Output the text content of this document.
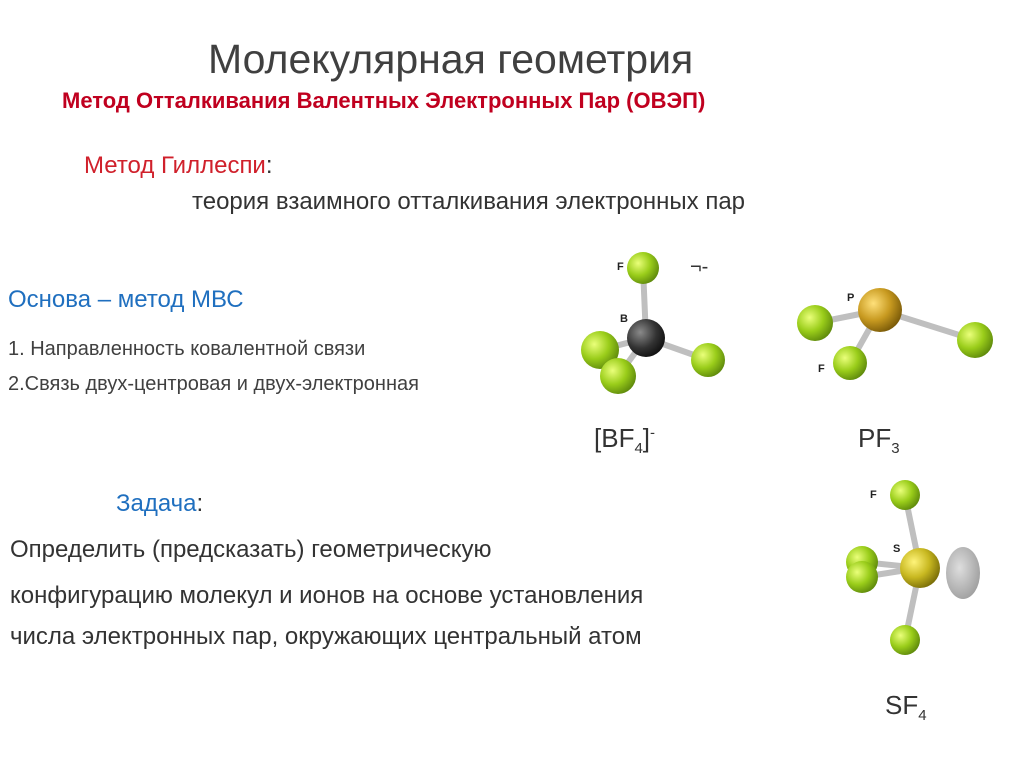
Молекулярная геометрия
Метод Отталкивания Валентных Электронных Пар (ОВЭП)
Метод Гиллеспи:
теория взаимного отталкивания электронных пар
Основа – метод МВС
1. Направленность ковалентной связи
2.Связь двух-центровая и двух-электронная
Задача:
Определить (предсказать) геометрическую
конфигурацию молекул и ионов на основе установления
числа электронных пар, окружающих центральный атом
F
B
¬-
P
F
F
S
$[BF_4]^-$	$PF_3$
$SF_4$
